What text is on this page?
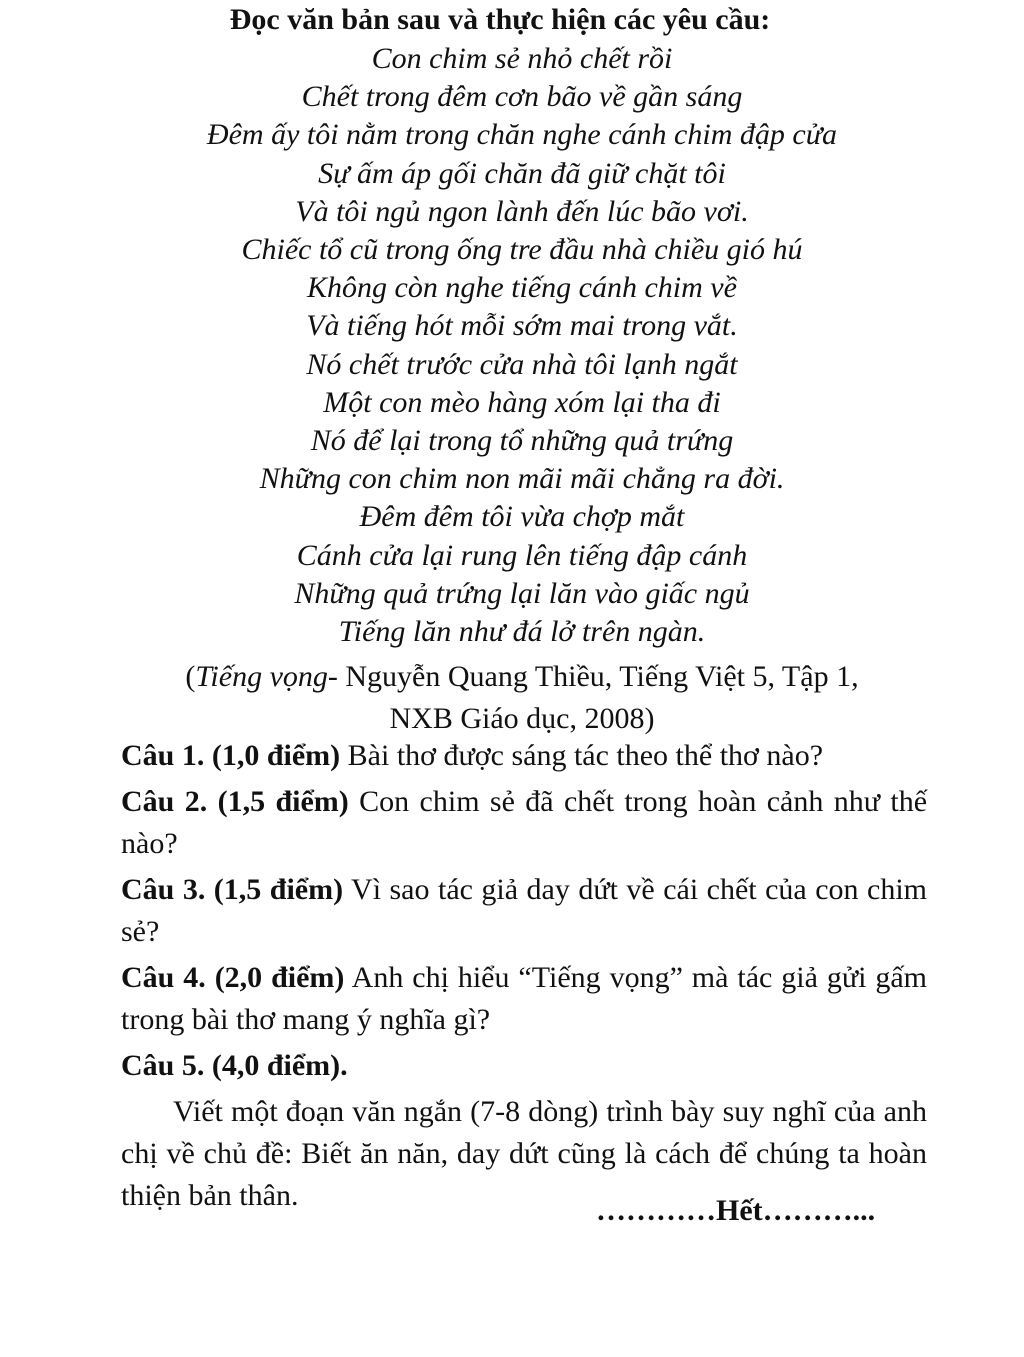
Đọc văn bản sau và thực hiện các yêu cầu:
Con chim sẻ nhỏ chết rồi
Chết trong đêm cơn bão về gần sáng
Đêm ấy tôi nằm trong chăn nghe cánh chim đập cửa
Sự ấm áp gối chăn đã giữ chặt tôi
Và tôi ngủ ngon lành đến lúc bão vơi.
Chiếc tổ cũ trong ống tre đầu nhà chiều gió hú
Không còn nghe tiếng cánh chim về
Và tiếng hót mỗi sớm mai trong vắt.
Nó chết trước cửa nhà tôi lạnh ngắt
Một con mèo hàng xóm lại tha đi
Nó để lại trong tổ những quả trứng
Những con chim non mãi mãi chẳng ra đời.
Đêm đêm tôi vừa chợp mắt
Cánh cửa lại rung lên tiếng đập cánh
Những quả trứng lại lăn vào giấc ngủ
Tiếng lăn như đá lở trên ngàn.
(Tiếng vọng- Nguyễn Quang Thiều, Tiếng Việt 5, Tập 1,
NXB Giáo dục, 2008)
Câu 1. (1,0 điểm) Bài thơ được sáng tác theo thể thơ nào?
Câu 2. (1,5 điểm) Con chim sẻ đã chết trong hoàn cảnh như thế nào?
Câu 3. (1,5 điểm) Vì sao tác giả day dứt về cái chết của con chim sẻ?
Câu 4. (2,0 điểm) Anh chị hiểu “Tiếng vọng” mà tác giả gửi gấm trong bài thơ mang ý nghĩa gì?
Câu 5. (4,0 điểm).
Viết một đoạn văn ngắn (7-8 dòng) trình bày suy nghĩ của anh chị về chủ đề: Biết ăn năn, day dứt cũng là cách để chúng ta hoàn thiện bản thân.	…………Hết………...
